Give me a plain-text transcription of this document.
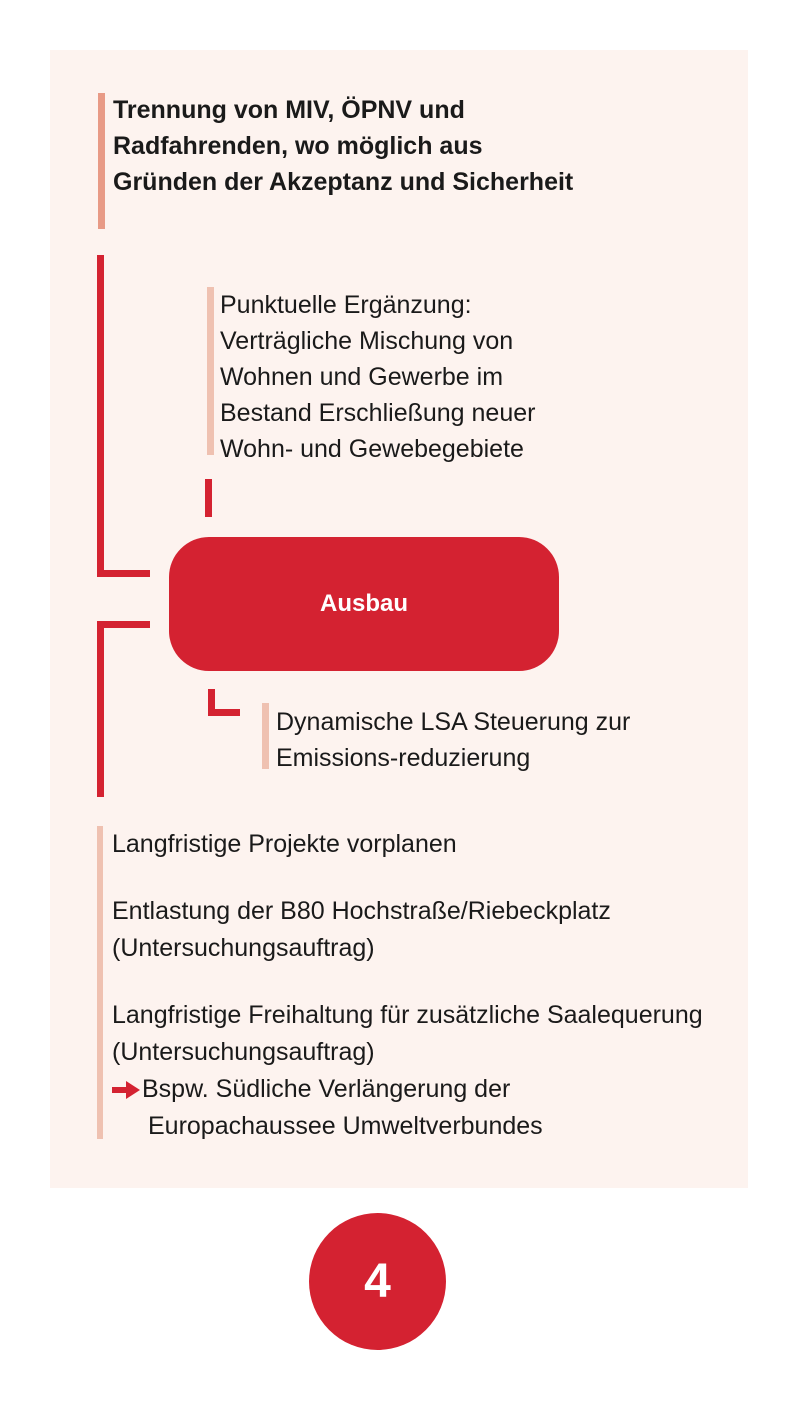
Trennung von MIV, ÖPNV und Radfahrenden, wo möglich aus Gründen der Akzeptanz und Sicherheit
Punktuelle Ergänzung: Verträgliche Mischung von Wohnen und Gewerbe im Bestand Erschließung neuer Wohn- und Gewebegebiete
Ausbau
Dynamische LSA Steuerung zur Emissions-reduzierung

Langfristige Projekte vorplanen

Entlastung der B80 Hochstraße/Riebeckplatz (Untersuchungsauftrag)

Langfristige Freihaltung für zusätzliche Saalequerung (Untersuchungsauftrag)

Bspw. Südliche Verlängerung der

Europachaussee Umweltverbundes

4
